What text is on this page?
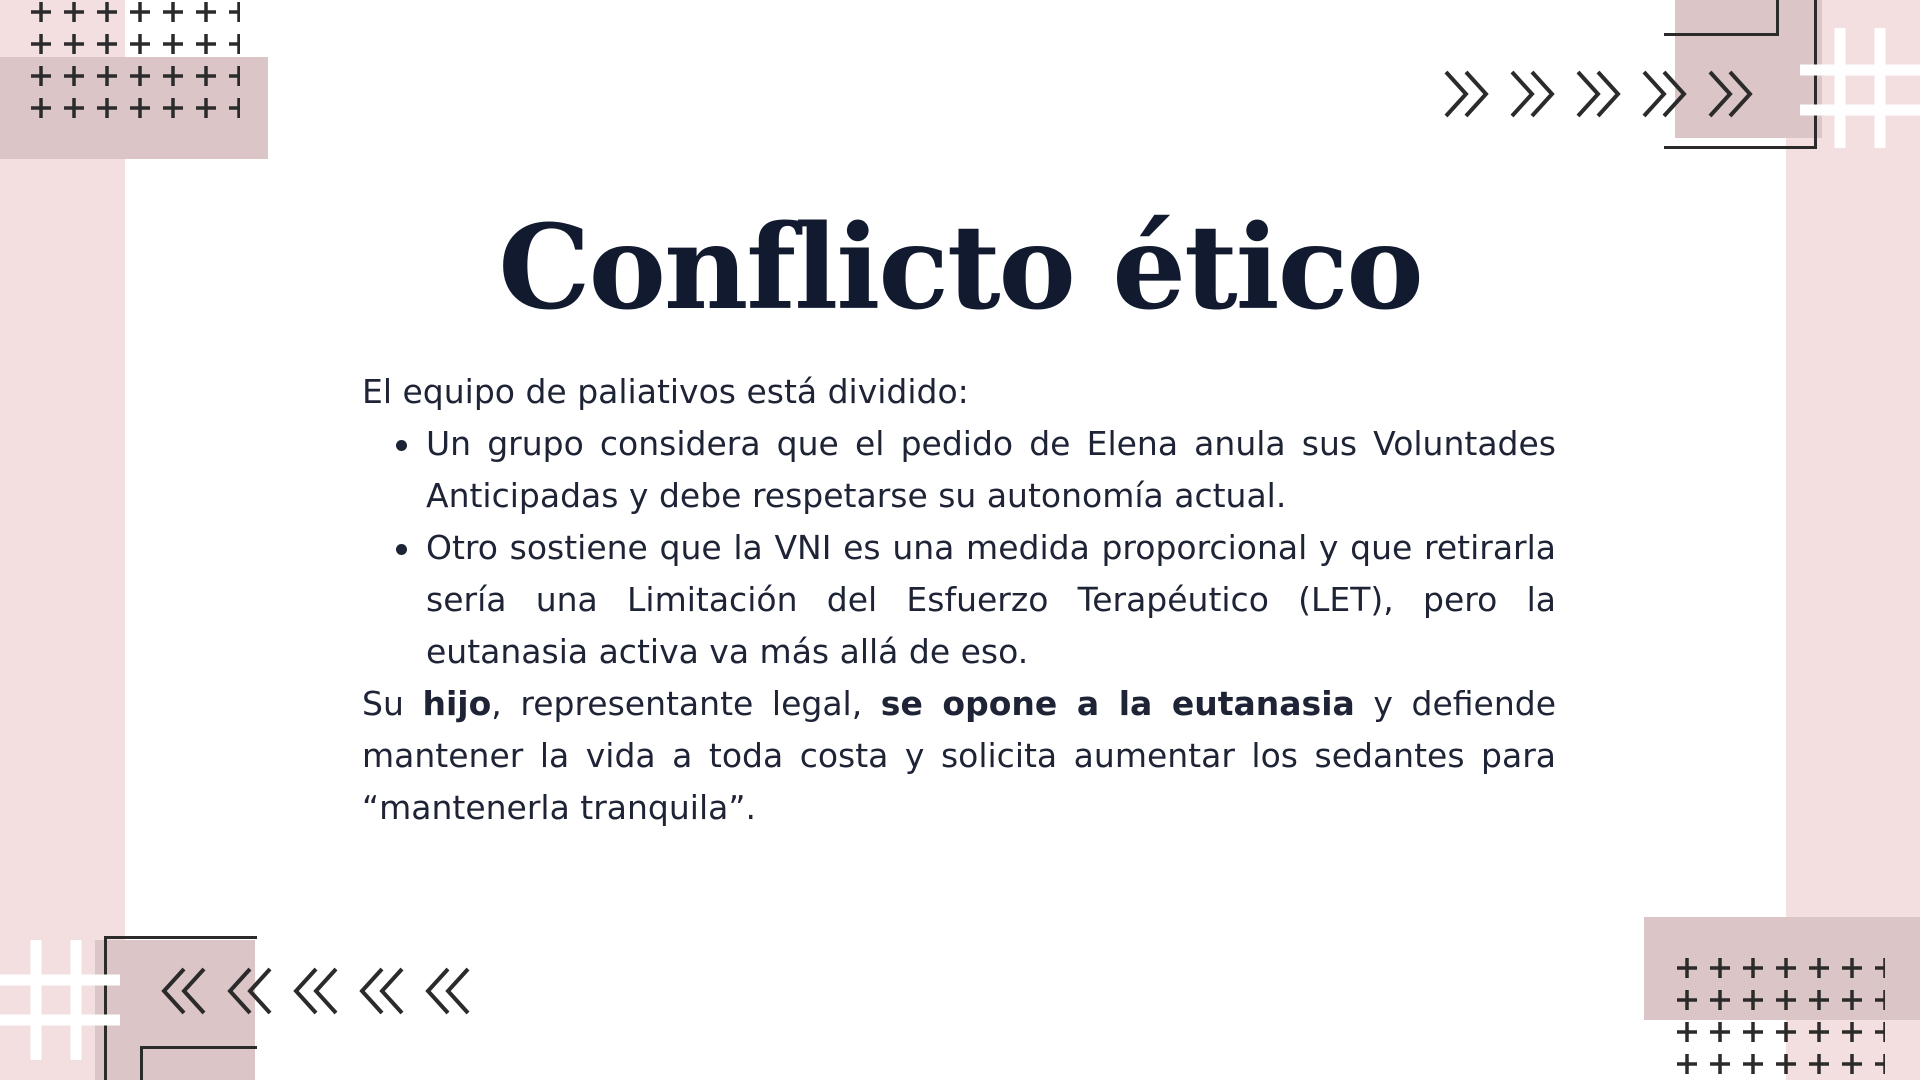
Conflicto ético

El equipo de paliativos está dividido:

Un grupo considera que el pedido de Elena anula sus Voluntades Anticipadas y debe respetarse su autonomía actual.
Otro sostiene que la VNI es una medida proporcional y que retirarla sería una Limitación del Esfuerzo Terapéutico (LET), pero la eutanasia activa va más allá de eso.

Su hijo, representante legal, se opone a la eutanasia y defiende mantener la vida a toda costa y solicita aumentar los sedantes para “mantenerla tranquila”.
